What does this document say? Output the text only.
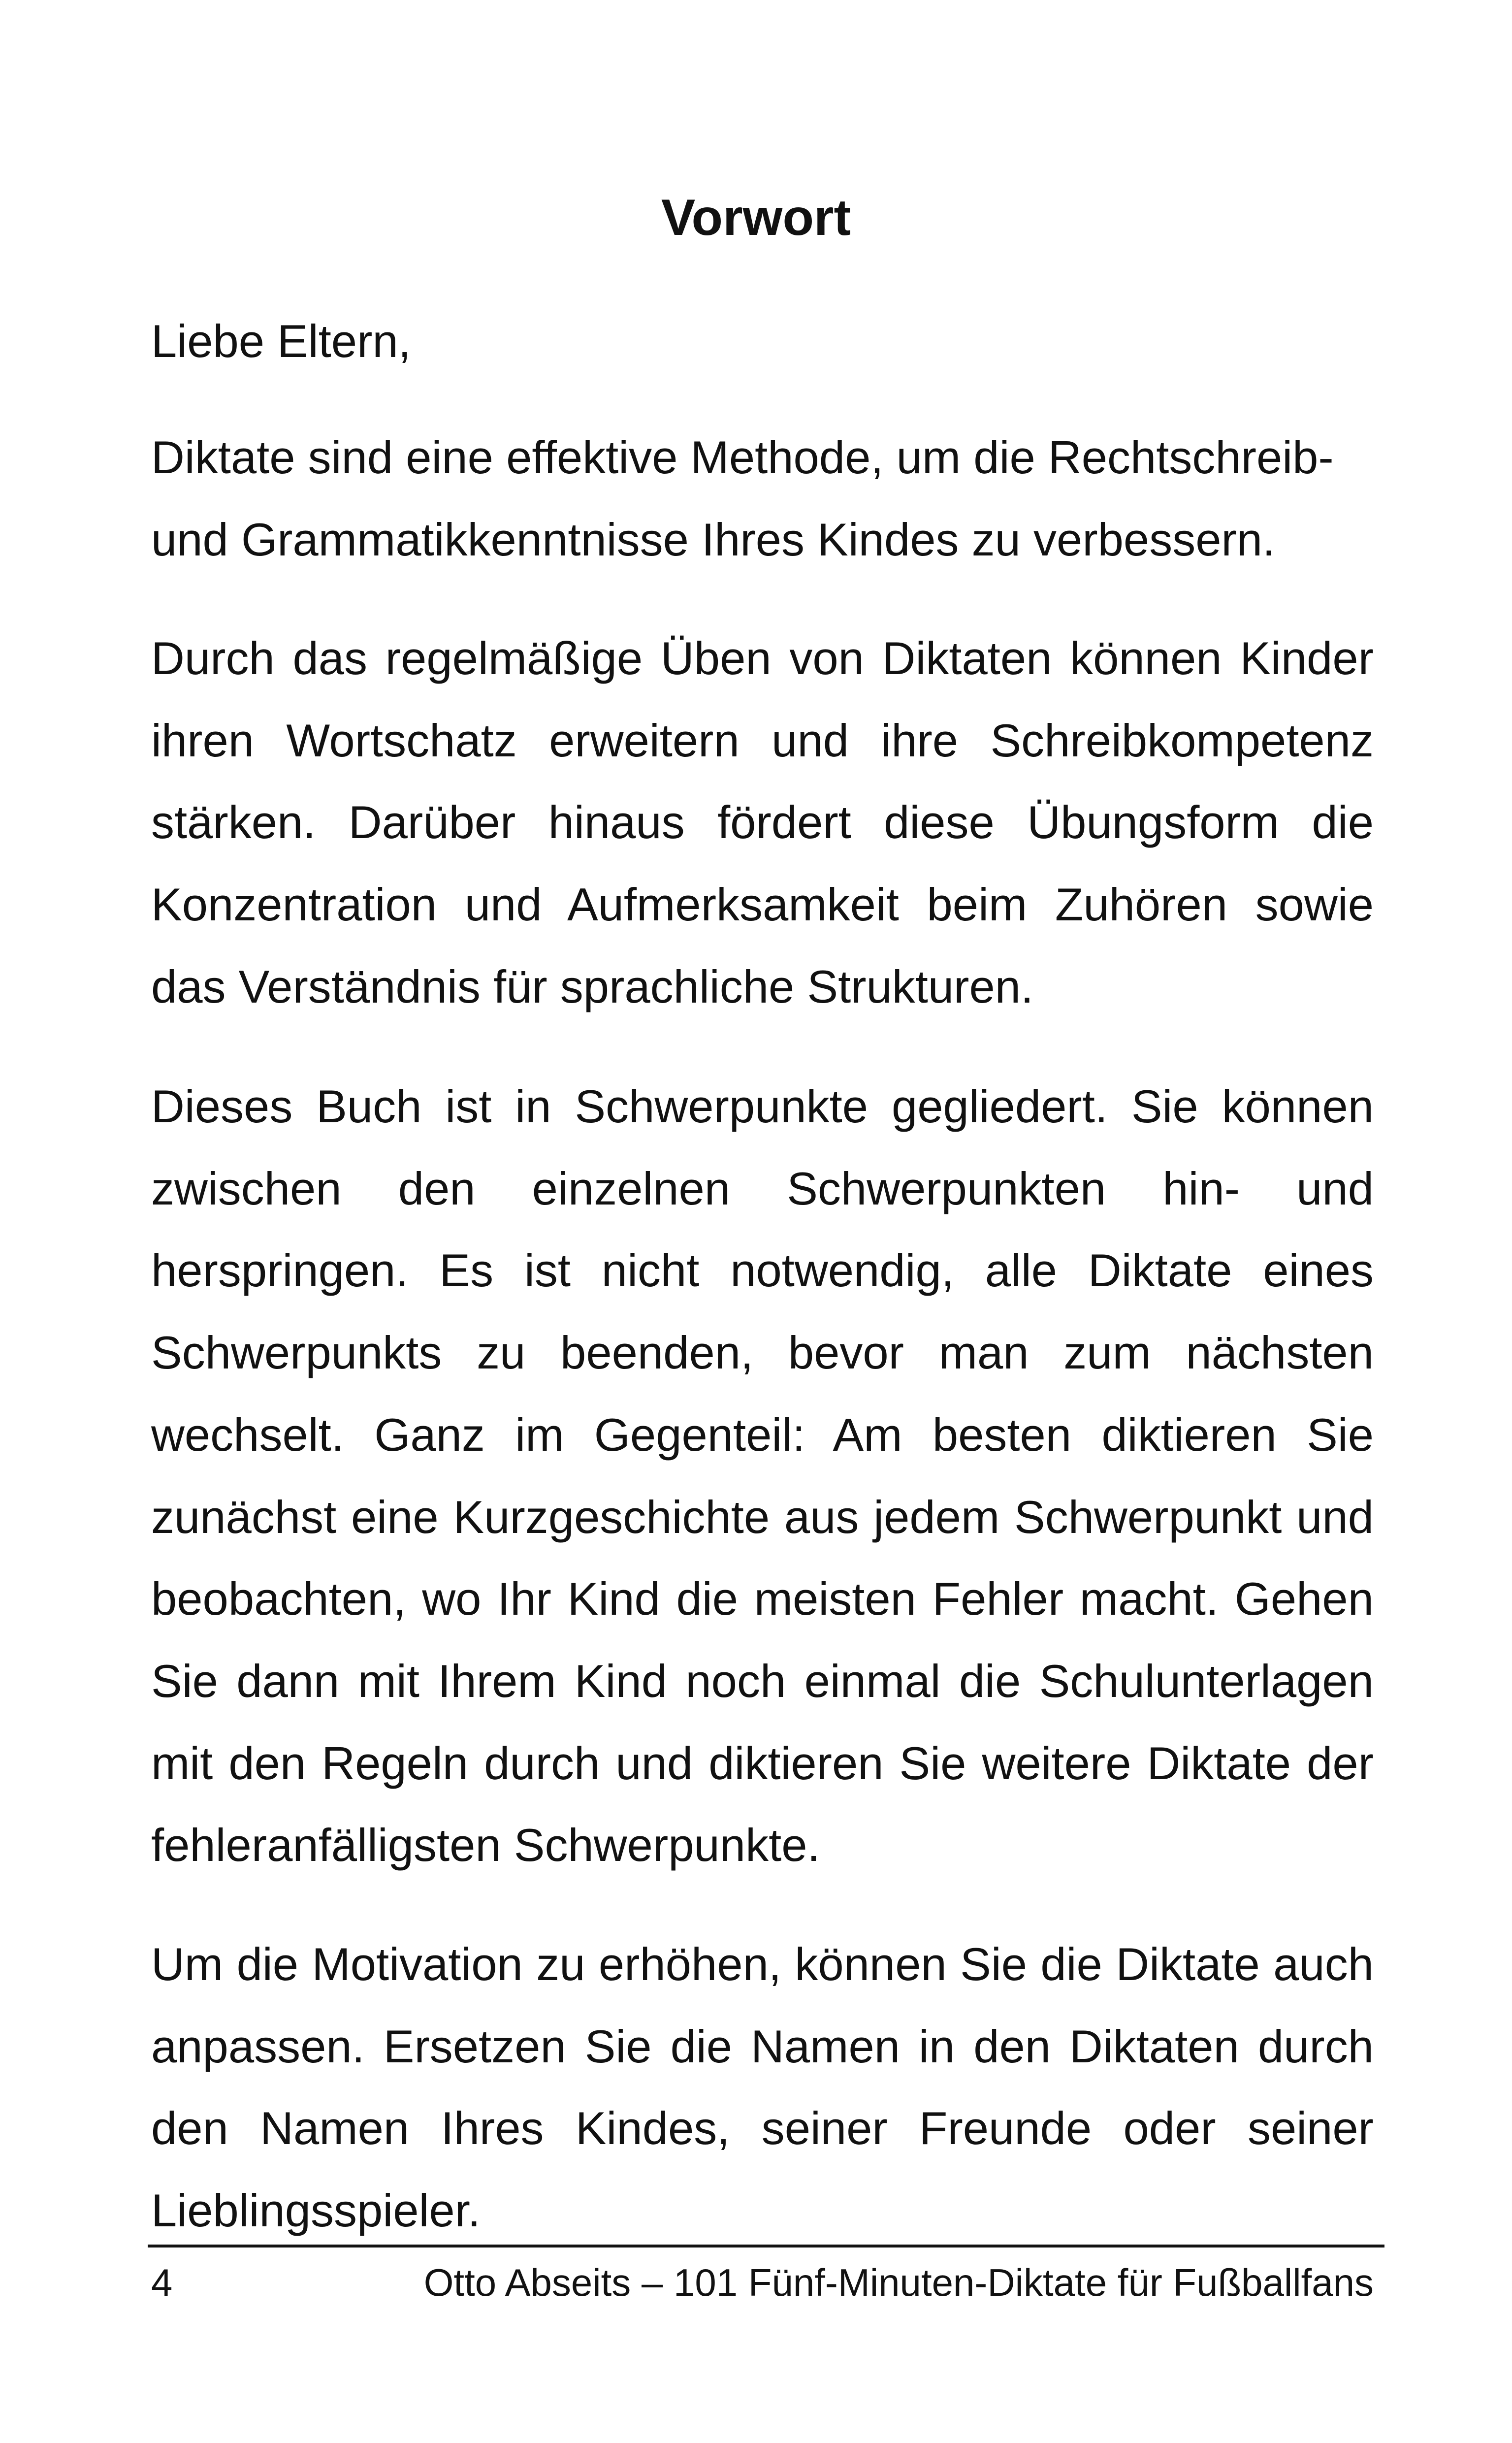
Vorwort

Liebe Eltern,

Diktate sind eine effektive Methode, um die Rechtschreib- und Grammatikkenntnisse Ihres Kindes zu verbessern.

Durch das regelmäßige Üben von Diktaten können Kinder ihren Wortschatz erweitern und ihre Schreibkompetenz stärken. Darüber hinaus fördert diese Übungsform die Konzentration und Aufmerksamkeit beim Zuhören sowie das Verständnis für sprachliche Strukturen.

Dieses Buch ist in Schwerpunkte gegliedert. Sie können zwischen den einzelnen Schwerpunkten hin- und herspringen. Es ist nicht notwendig, alle Diktate eines Schwerpunkts zu beenden, bevor man zum nächsten wechselt. Ganz im Gegenteil: Am besten diktieren Sie zunächst eine Kurzgeschichte aus jedem Schwerpunkt und beobachten, wo Ihr Kind die meisten Fehler macht. Gehen Sie dann mit Ihrem Kind noch einmal die Schulunterlagen mit den Regeln durch und diktieren Sie weitere Diktate der fehleranfälligsten Schwerpunkte.

Um die Motivation zu erhöhen, können Sie die Diktate auch anpassen. Ersetzen Sie die Namen in den Diktaten durch den Namen Ihres Kindes, seiner Freunde oder seiner Lieblingsspieler.

4	Otto Abseits – 101 Fünf-Minuten-Diktate für Fußballfans
